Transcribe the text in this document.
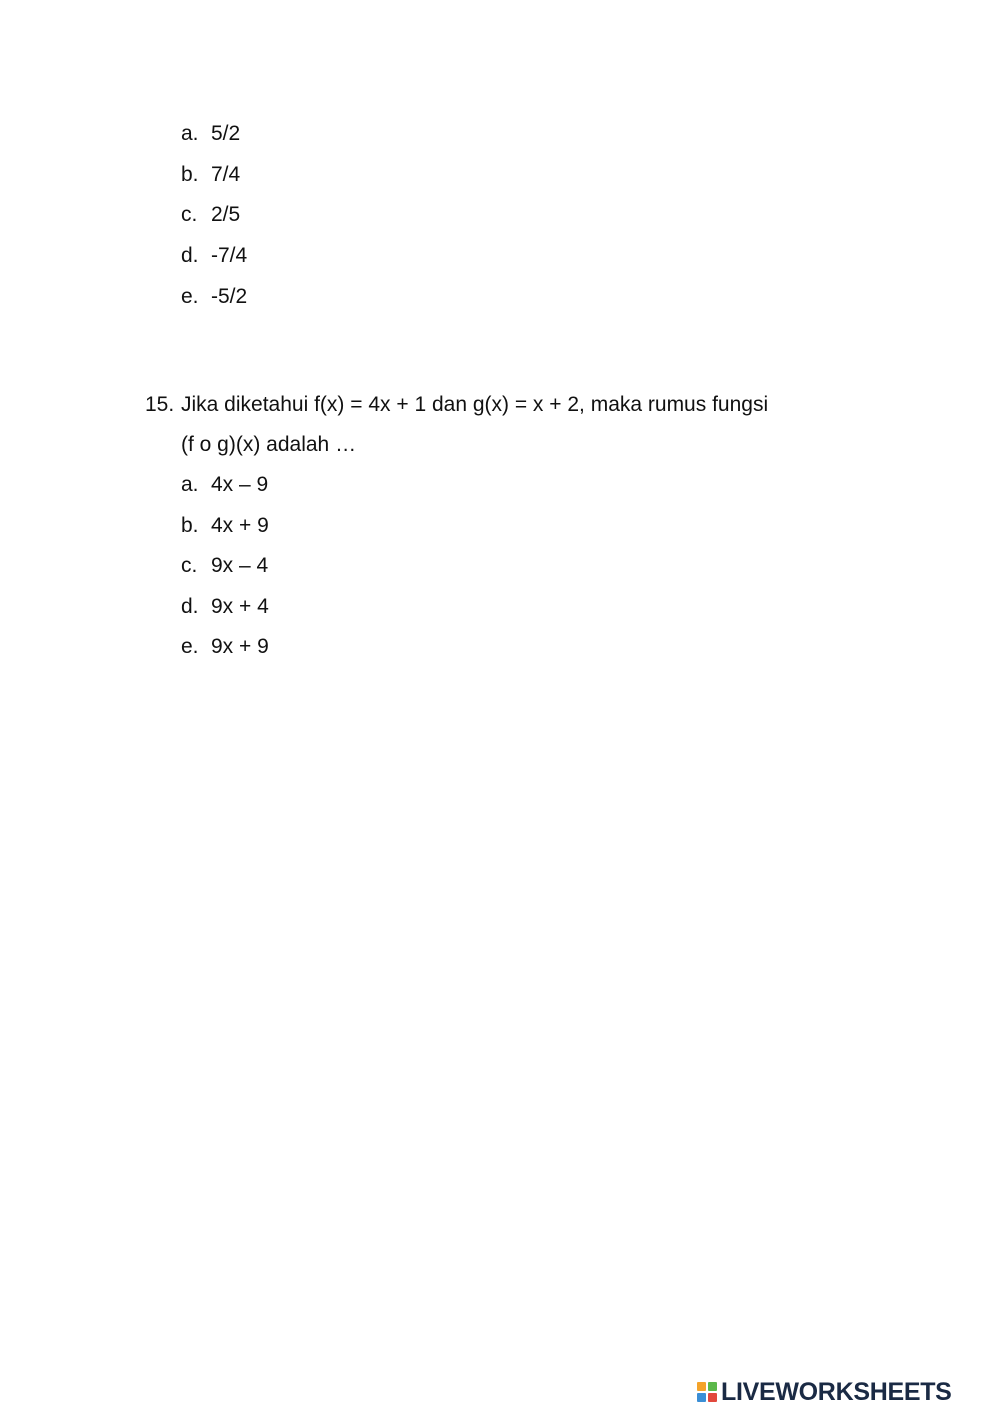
a. 5/2
b. 7/4
c. 2/5
d. -7/4
e. -5/2
15. Jika diketahui f(x) = 4x + 1 dan g(x) = x + 2, maka rumus fungsi
(f o g)(x) adalah …
a. 4x – 9
b. 4x + 9
c. 9x – 4
d. 9x + 4
e. 9x + 9
LIVEWORKSHEETS
